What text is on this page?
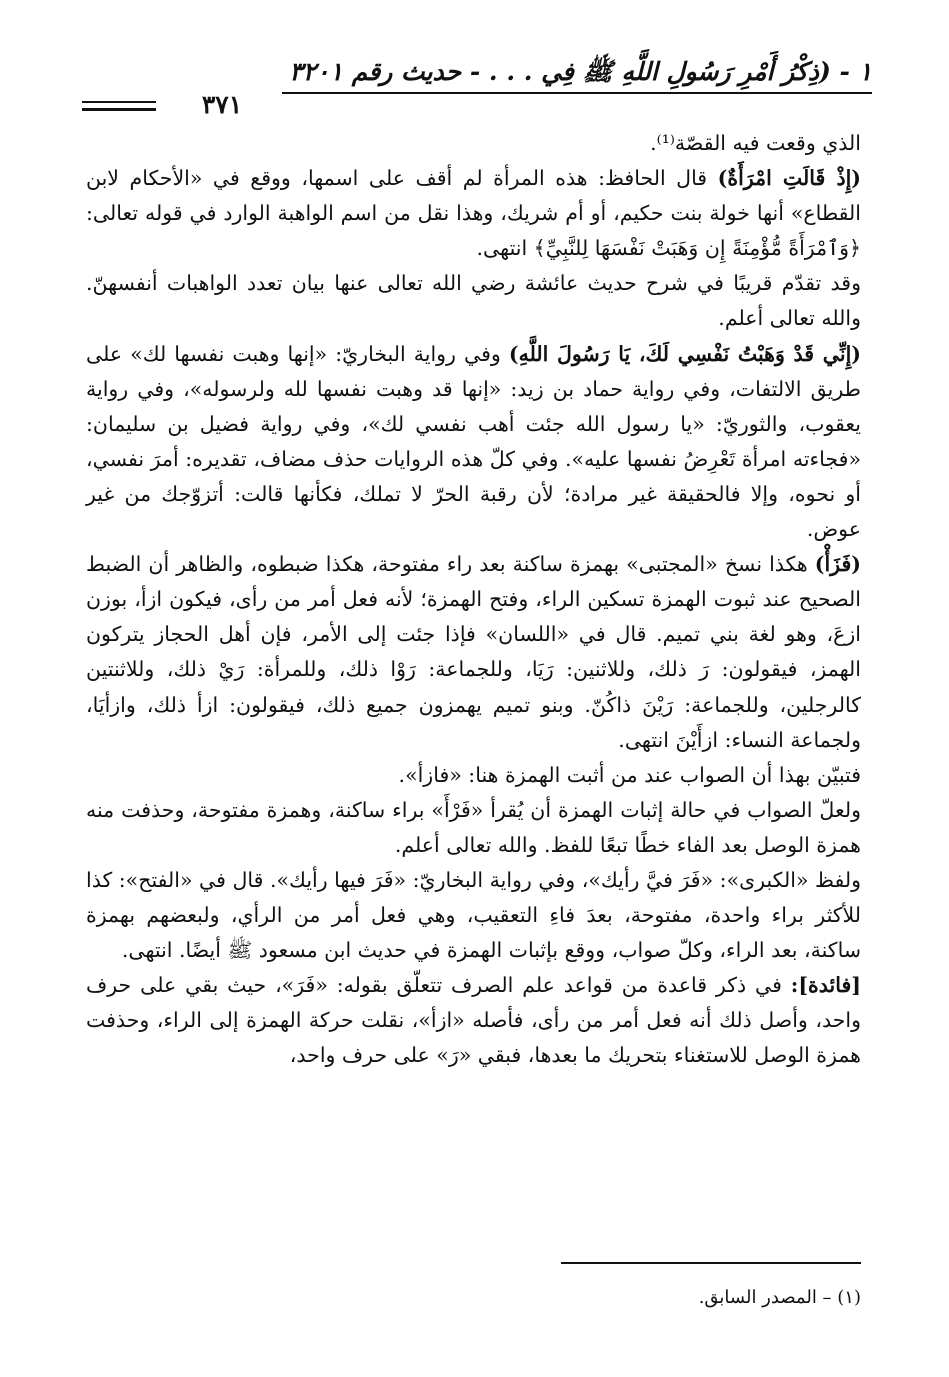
١ - (ذِكْرُ أَمْرِ رَسُولِ اللَّهِ ﷺ فِي . . . - حديث رقم ٣٢٠١
٣٧١

الذي وقعت فيه القصّة⁽¹⁾.

(إِذْ قَالَتِ امْرَأَةٌ) قال الحافظ: هذه المرأة لم أقف على اسمها، ووقع في «الأحكام لابن القطاع» أنها خولة بنت حكيم، أو أم شريك، وهذا نقل من اسم الواهبة الوارد في قوله تعالى: ﴿وَٱمْرَأَةً مُّؤْمِنَةً إِن وَهَبَتْ نَفْسَهَا لِلنَّبِيِّ﴾ انتهى.

وقد تقدّم قريبًا في شرح حديث عائشة رضي الله تعالى عنها بيان تعدد الواهبات أنفسهنّ. والله تعالى أعلم.

(إِنِّي قَدْ وَهَبْتُ نَفْسِي لَكَ، يَا رَسُولَ اللَّهِ) وفي رواية البخاريّ: «إنها وهبت نفسها لك» على طريق الالتفات، وفي رواية حماد بن زيد: «إنها قد وهبت نفسها لله ولرسوله»، وفي رواية يعقوب، والثوريّ: «يا رسول الله جئت أهب نفسي لك»، وفي رواية فضيل بن سليمان: «فجاءته امرأة تَعْرِضُ نفسها عليه». وفي كلّ هذه الروايات حذف مضاف، تقديره: أمرَ نفسي، أو نحوه، وإلا فالحقيقة غير مرادة؛ لأن رقبة الحرّ لا تملك، فكأنها قالت: أتزوّجك من غير عوض.

(فَزَأْ) هكذا نسخ «المجتبى» بهمزة ساكنة بعد راء مفتوحة، هكذا ضبطوه، والظاهر أن الضبط الصحيح عند ثبوت الهمزة تسكين الراء، وفتح الهمزة؛ لأنه فعل أمر من رأى، فيكون ازأ، بوزن ازعَ، وهو لغة بني تميم. قال في «اللسان» فإذا جئت إلى الأمر، فإن أهل الحجاز يتركون الهمز، فيقولون: رَ ذلك، وللاثنين: رَيَا، وللجماعة: رَوْا ذلك، وللمرأة: رَيْ ذلك، وللاثنتين كالرجلين، وللجماعة: رَيْنَ ذاكُنّ. وبنو تميم يهمزون جميع ذلك، فيقولون: ازأ ذلك، وازأيَا، ولجماعة النساء: ازأَيْنَ انتهى.

فتبيّن بهذا أن الصواب عند من أثبت الهمزة هنا: «فازأ».

ولعلّ الصواب في حالة إثبات الهمزة أن يُقرأ «فَرْأَ» براء ساكنة، وهمزة مفتوحة، وحذفت منه همزة الوصل بعد الفاء خطًا تبعًا للفظ. والله تعالى أعلم.

ولفظ «الكبرى»: «فَرَ فيَّ رأيك»، وفي رواية البخاريّ: «فَرَ فيها رأيك». قال في «الفتح»: كذا للأكثر براء واحدة، مفتوحة، بعدَ فاءِ التعقيب، وهي فعل أمر من الرأي، ولبعضهم بهمزة ساكنة، بعد الراء، وكلّ صواب، ووقع بإثبات الهمزة في حديث ابن مسعود ﷺ أيضًا. انتهى.

[فائدة]: في ذكر قاعدة من قواعد علم الصرف تتعلّق بقوله: «فَرَ»، حيث بقي على حرف واحد، وأصل ذلك أنه فعل أمر من رأى، فأصله «ازأ»، نقلت حركة الهمزة إلى الراء، وحذفت همزة الوصل للاستغناء بتحريك ما بعدها، فبقي «رَ» على حرف واحد،

(١) – المصدر السابق.
